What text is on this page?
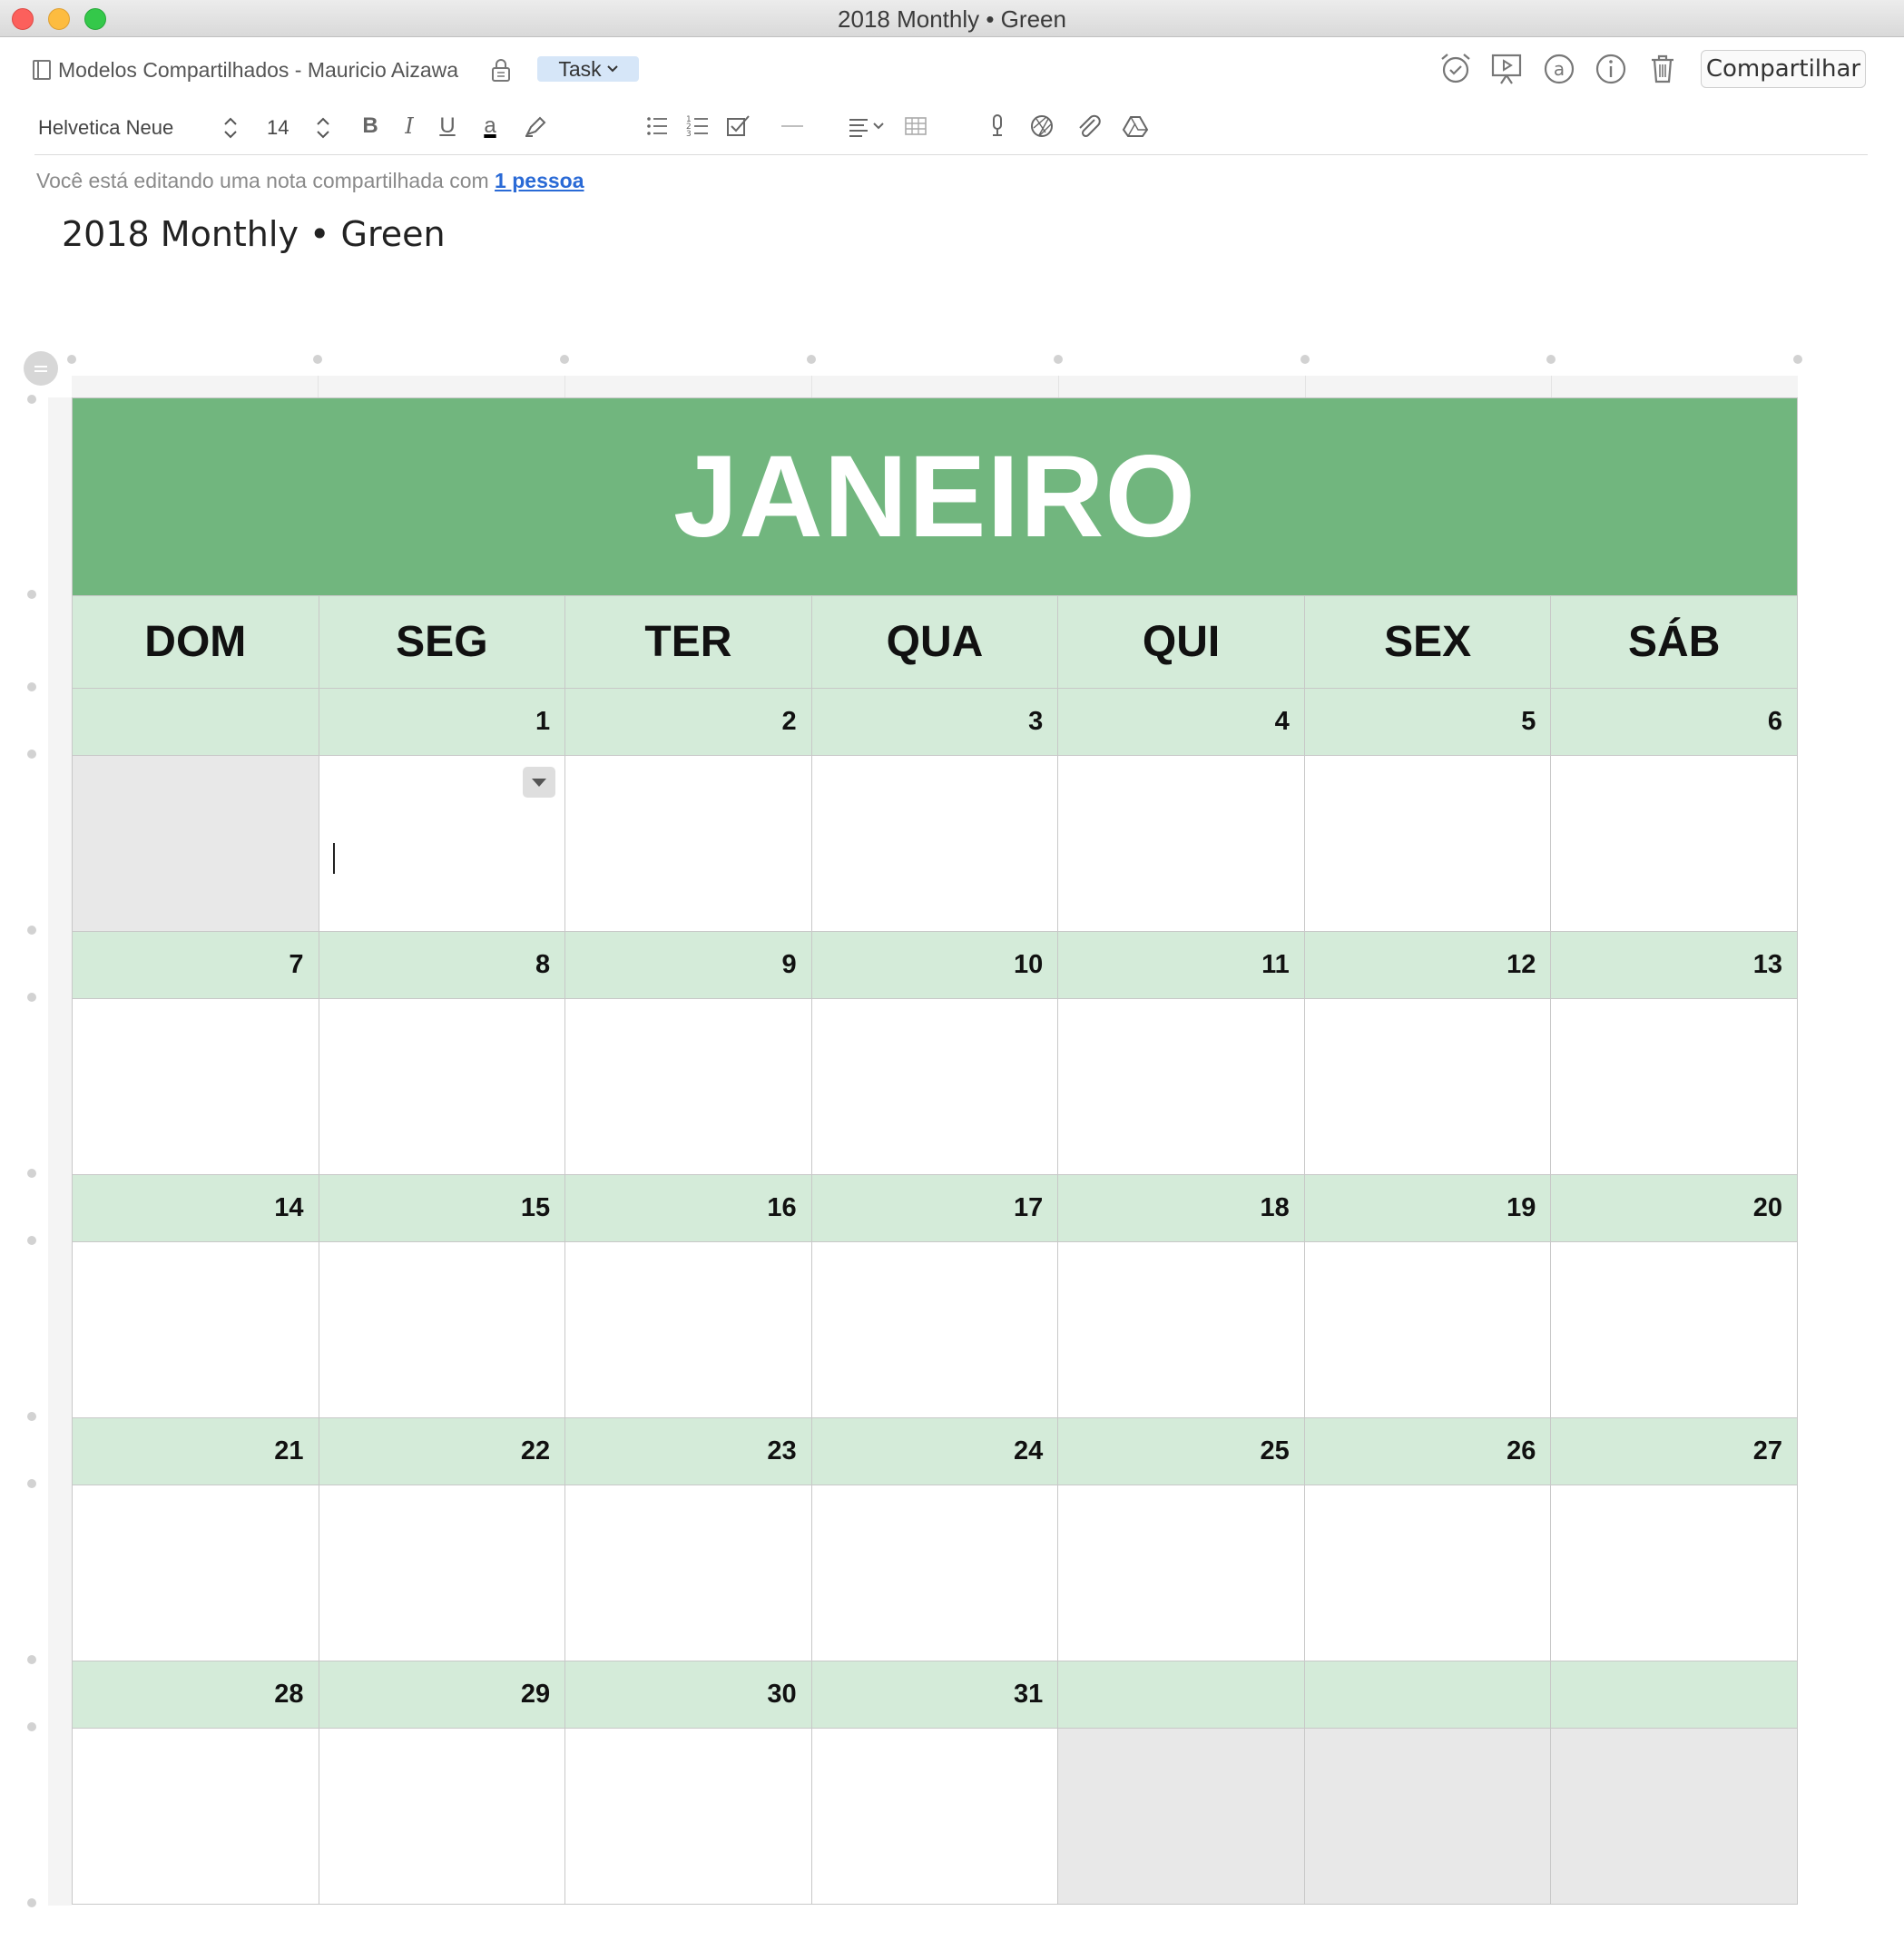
2018 Monthly • Green
Modelos Compartilhados - Mauricio Aizawa	Task	a	Compartilhar
Helvetica Neue	14	B	I	U	a	1
2
3
Você está editando uma nota compartilhada com 1 pessoa
2018 Monthly • Green
JANEIRO						
DOM	SEG	TER	QUA	QUI	SEX	SÁB
	1	2	3	4	5	6

7	8	9	10	11	12	13

14	15	16	17	18	19	20

21	22	23	24	25	26	27

28	29	30	31			
